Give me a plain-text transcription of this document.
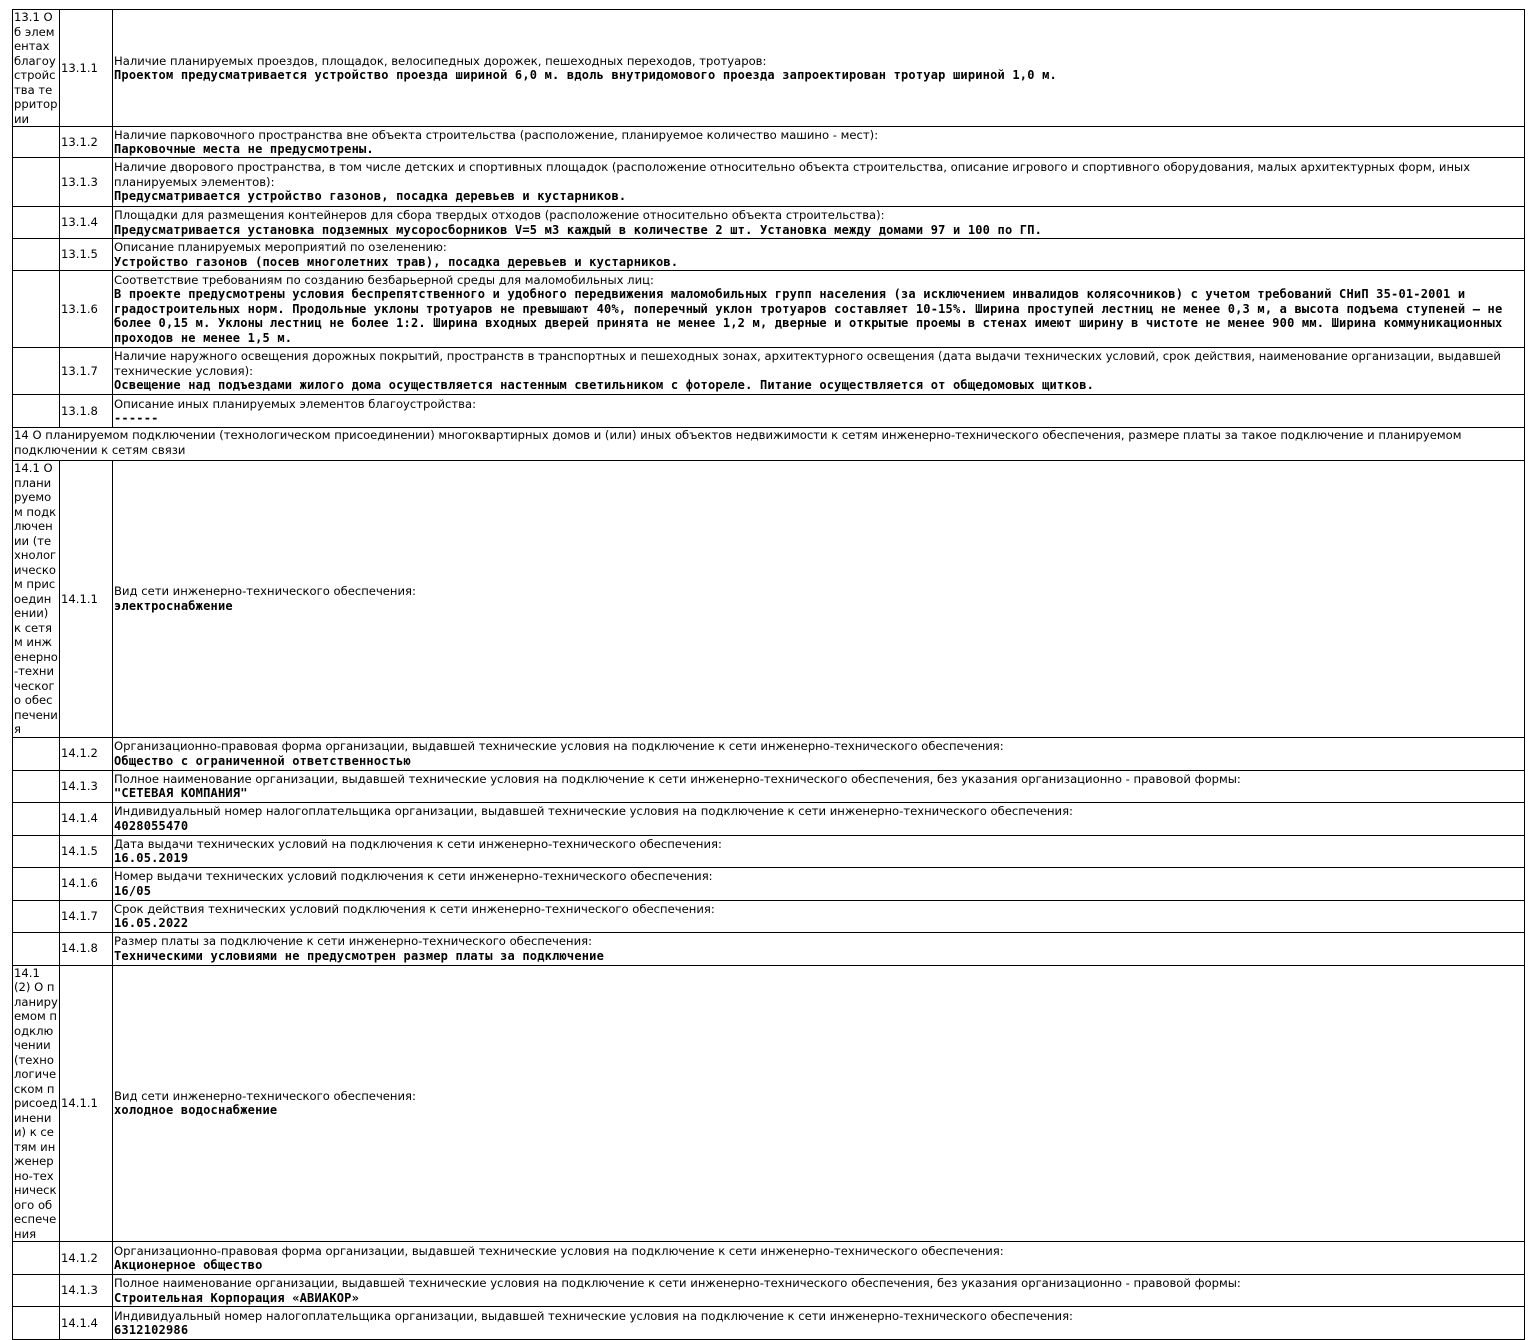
13.1 Об элементах благоустройства территории	13.1.1	Наличие планируемых проездов, площадок, велосипедных дорожек, пешеходных переходов, тротуаров:
Проектом предусматривается устройство проезда шириной 6,0 м. вдоль внутридомового проезда запроектирован тротуар шириной 1,0 м.

	13.1.2	Наличие парковочного пространства вне объекта строительства (расположение, планируемое количество машино - мест):
Парковочные места не предусмотрены.

	13.1.3	Наличие дворового пространства, в том числе детских и спортивных площадок (расположение относительно объекта строительства, описание игрового и спортивного оборудования, малых архитектурных форм, иных планируемых элементов):
Предусматривается устройство газонов, посадка деревьев и кустарников.

	13.1.4	Площадки для размещения контейнеров для сбора твердых отходов (расположение относительно объекта строительства):
Предусматривается установка подземных мусоросборников V=5 м3 каждый в количестве 2 шт. Установка между домами 97 и 100 по ГП.

	13.1.5	Описание планируемых мероприятий по озеленению:
Устройство газонов (посев многолетних трав), посадка деревьев и кустарников.

	13.1.6	Соответствие требованиям по созданию безбарьерной среды для маломобильных лиц:
В проекте предусмотрены условия беспрепятственного и удобного передвижения маломобильных групп населения (за исключением инвалидов колясочников) с учетом требований СНиП 35-01-2001 и градостроительных норм. Продольные уклоны тротуаров не превышают 40%, поперечный уклон тротуаров составляет 10-15%. Ширина проступей лестниц не менее 0,3 м, а высота подъема ступеней – не более 0,15 м. Уклоны лестниц не более 1:2. Ширина входных дверей принята не менее 1,2 м, дверные и открытые проемы в стенах имеют ширину в чистоте не менее 900 мм. Ширина коммуникационных проходов не менее 1,5 м.

	13.1.7	Наличие наружного освещения дорожных покрытий, пространств в транспортных и пешеходных зонах, архитектурного освещения (дата выдачи технических условий, срок действия, наименование организации, выдавшей технические условия):
Освещение над подъездами жилого дома осуществляется настенным светильником с фотореле. Питание осуществляется от общедомовых щитков.

	13.1.8	Описание иных планируемых элементов благоустройства:
------

14 О планируемом подключении (технологическом присоединении) многоквартирных домов и (или) иных объектов недвижимости к сетям инженерно-технического обеспечения, размере платы за такое подключение и планируемом подключении к сетям связи		
14.1 О планируемом подключении (технологическом присоединении) к сетям инженерно-технического обеспечения	14.1.1	Вид сети инженерно-технического обеспечения:
электроснабжение

	14.1.2	Организационно-правовая форма организации, выдавшей технические условия на подключение к сети инженерно-технического обеспечения:
Общество с ограниченной ответственностью

	14.1.3	Полное наименование организации, выдавшей технические условия на подключение к сети инженерно-технического обеспечения, без указания организационно - правовой формы:
"СЕТЕВАЯ КОМПАНИЯ"

	14.1.4	Индивидуальный номер налогоплательщика организации, выдавшей технические условия на подключение к сети инженерно-технического обеспечения:
4028055470

	14.1.5	Дата выдачи технических условий на подключения к сети инженерно-технического обеспечения:
16.05.2019

	14.1.6	Номер выдачи технических условий подключения к сети инженерно-технического обеспечения:
16/05

	14.1.7	Срок действия технических условий подключения к сети инженерно-технического обеспечения:
16.05.2022

	14.1.8	Размер платы за подключение к сети инженерно-технического обеспечения:
Техническими условиями не предусмотрен размер платы за подключение

14.1 (2) О планируемом подключении (технологическом присоединении) к сетям инженерно-технического обеспечения	14.1.1	Вид сети инженерно-технического обеспечения:
холодное водоснабжение

	14.1.2	Организационно-правовая форма организации, выдавшей технические условия на подключение к сети инженерно-технического обеспечения:
Акционерное общество

	14.1.3	Полное наименование организации, выдавшей технические условия на подключение к сети инженерно-технического обеспечения, без указания организационно - правовой формы:
Строительная Корпорация «АВИАКОР»

	14.1.4	Индивидуальный номер налогоплательщика организации, выдавшей технические условия на подключение к сети инженерно-технического обеспечения:
6312102986
